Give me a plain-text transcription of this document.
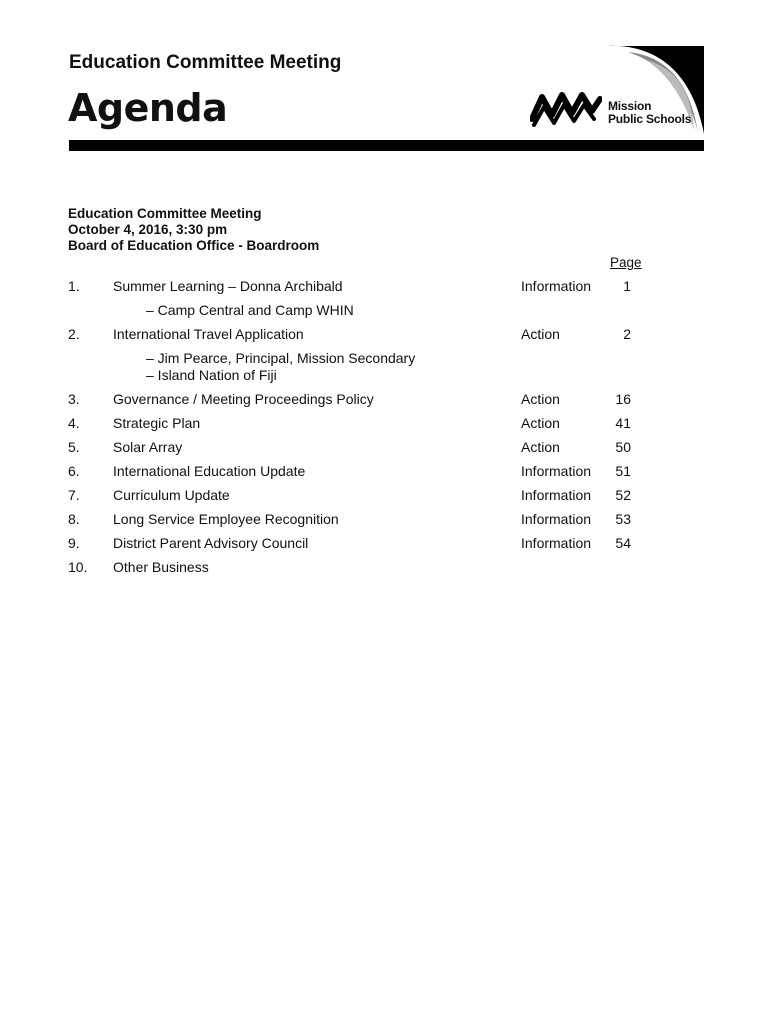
Education Committee Meeting
Agenda	Mission
Public Schools
Education Committee Meeting
October 4, 2016, 3:30 pm
Board of Education Office - Boardroom
Page
1. Summer Learning – Donna Archibald	Information	1
– Camp Central and Camp WHIN
2. International Travel Application	Action	2
– Jim Pearce, Principal, Mission Secondary
– Island Nation of Fiji
3. Governance / Meeting Proceedings Policy	Action	16
4. Strategic Plan	Action	41
5. Solar Array	Action	50
6. International Education Update	Information	51
7. Curriculum Update	Information	52
8. Long Service Employee Recognition	Information	53
9. District Parent Advisory Council	Information	54
10. Other Business
